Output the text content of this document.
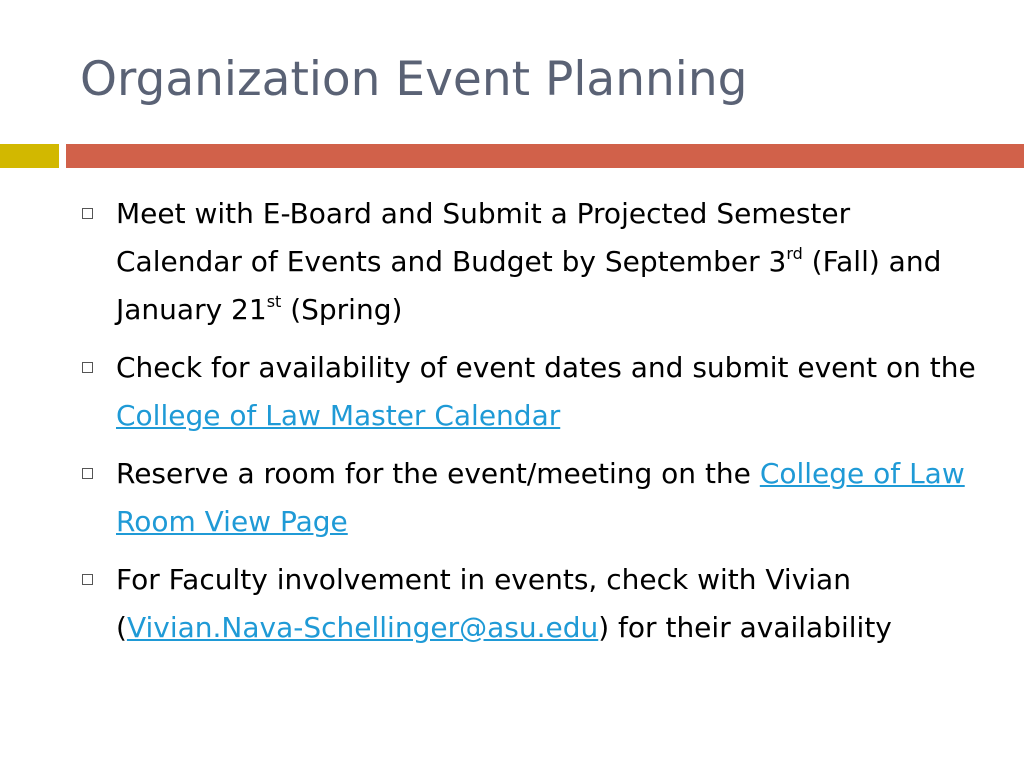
Organization Event Planning
Meet with E-Board and Submit a Projected Semester Calendar of Events and Budget by September 3rd (Fall) and January 21st (Spring)
Check for availability of event dates and submit event on the College of Law Master Calendar
Reserve a room for the event/meeting on the College of Law Room View Page
For Faculty involvement in events, check with Vivian (Vivian.Nava-Schellinger@asu.edu) for their availability
